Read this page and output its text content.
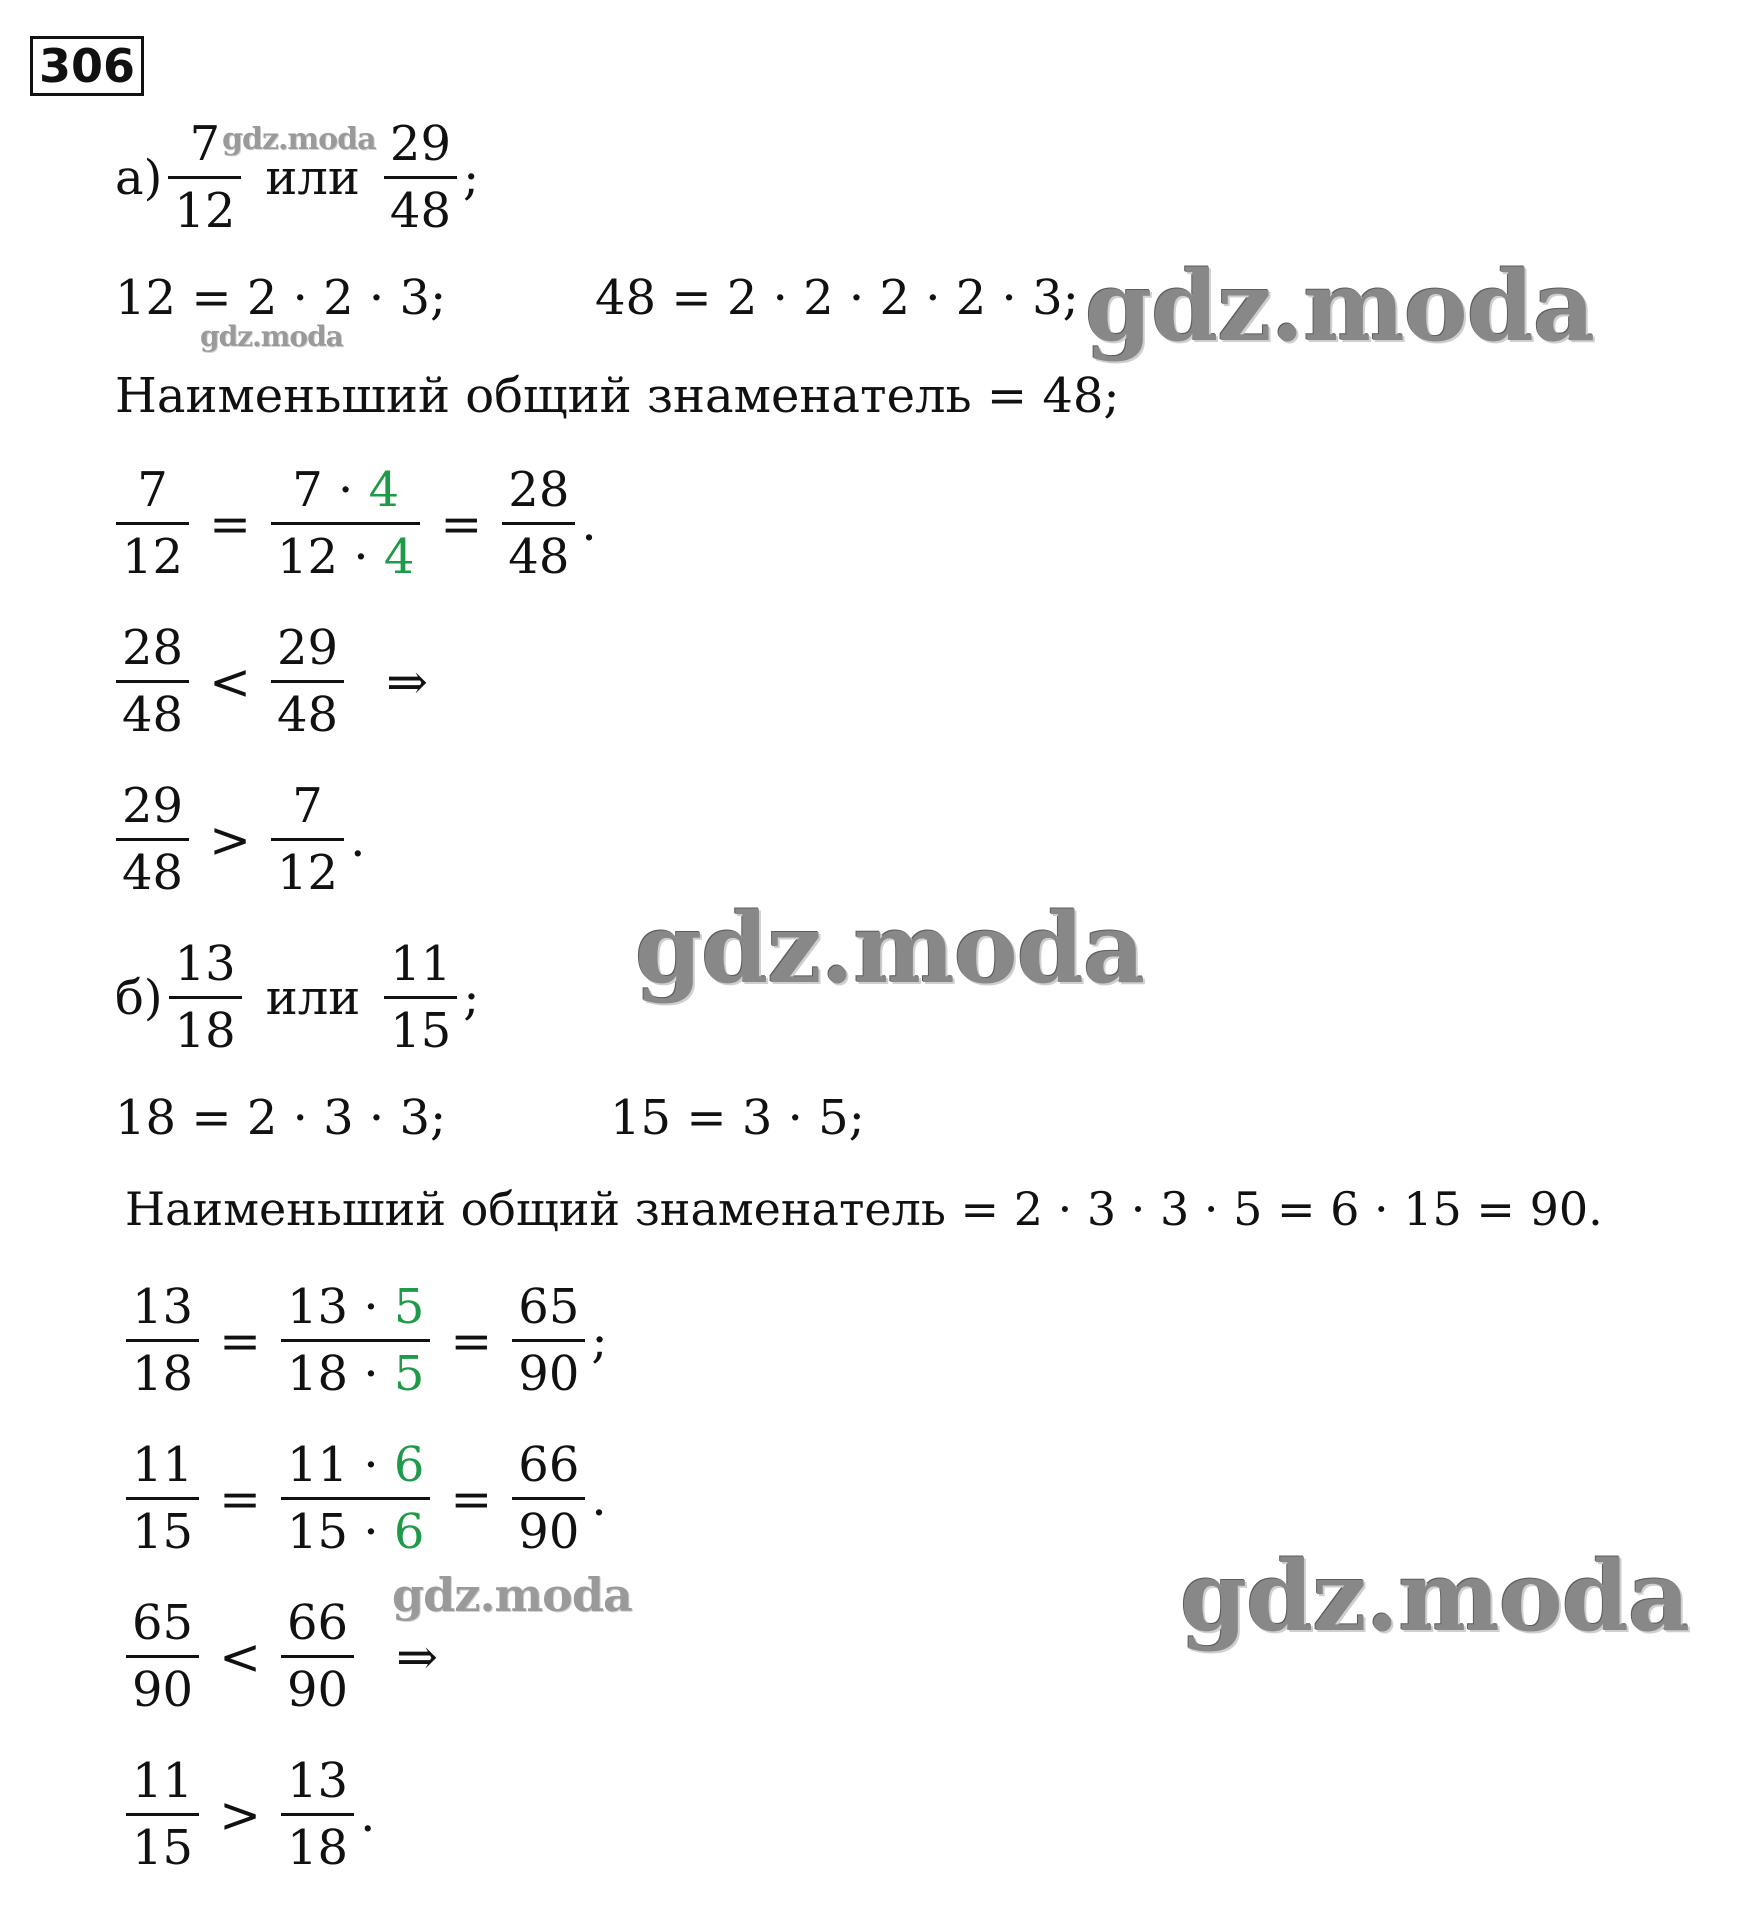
306
$а) \frac{7}{12}$ или $\frac{29}{48}$ ;
12 = 2 · 2 · 3;	48 = 2 · 2 · 2 · 2 · 3;
Наименьший общий знаменатель = 48;
$\frac{7}{12} = \frac{7 \cdot 4}{12 \cdot 4} = \frac{28}{48}$ .
$\frac{28}{48} < \frac{29}{48}$ ⇒
$\frac{29}{48} > \frac{7}{12}$ .
$б) \frac{13}{18}$ или $\frac{11}{15}$ ;
18 = 2 · 3 · 3;	15 = 3 · 5;
Наименьший общий знаменатель = 2 · 3 · 3 · 5 = 6 · 15 = 90.
$\frac{13}{18} = \frac{13 \cdot 5}{18 \cdot 5} = \frac{65}{90}$ ;
$\frac{11}{15} = \frac{11 \cdot 6}{15 \cdot 6} = \frac{66}{90}$ .
$\frac{65}{90} < \frac{66}{90}$ ⇒
$\frac{11}{15} > \frac{13}{18}$ .
gdz.moda
gdz.moda	gdz.moda
gdz.moda
gdz.moda	gdz.moda
